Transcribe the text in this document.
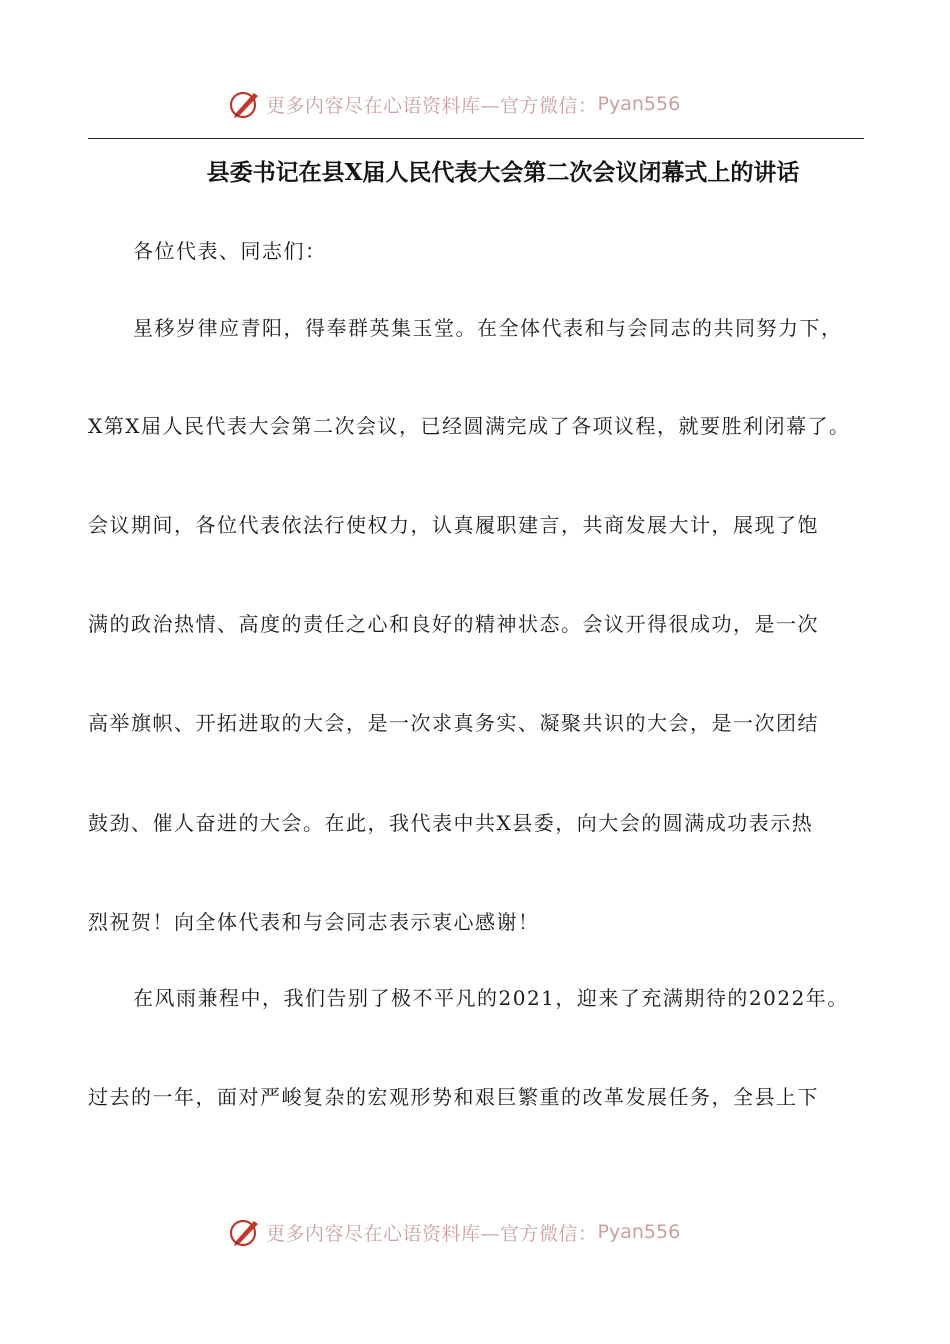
更多内容尽在心语资料库—官方微信： Pyan556
县委书记在县X届人民代表大会第二次会议闭幕式上的讲话
各位代表、同志们：
星移岁律应青阳，得奉群英集玉堂。在全体代表和与会同志的共同努力下，
X第X届人民代表大会第二次会议，已经圆满完成了各项议程，就要胜利闭幕了。
会议期间，各位代表依法行使权力，认真履职建言，共商发展大计，展现了饱
满的政治热情、高度的责任之心和良好的精神状态。会议开得很成功，是一次
高举旗帜、开拓进取的大会，是一次求真务实、凝聚共识的大会，是一次团结
鼓劲、催人奋进的大会。在此，我代表中共X县委，向大会的圆满成功表示热
烈祝贺！向全体代表和与会同志表示衷心感谢！
在风雨兼程中，我们告别了极不平凡的2021，迎来了充满期待的2022年。
过去的一年，面对严峻复杂的宏观形势和艰巨繁重的改革发展任务，全县上下
更多内容尽在心语资料库—官方微信： Pyan556
